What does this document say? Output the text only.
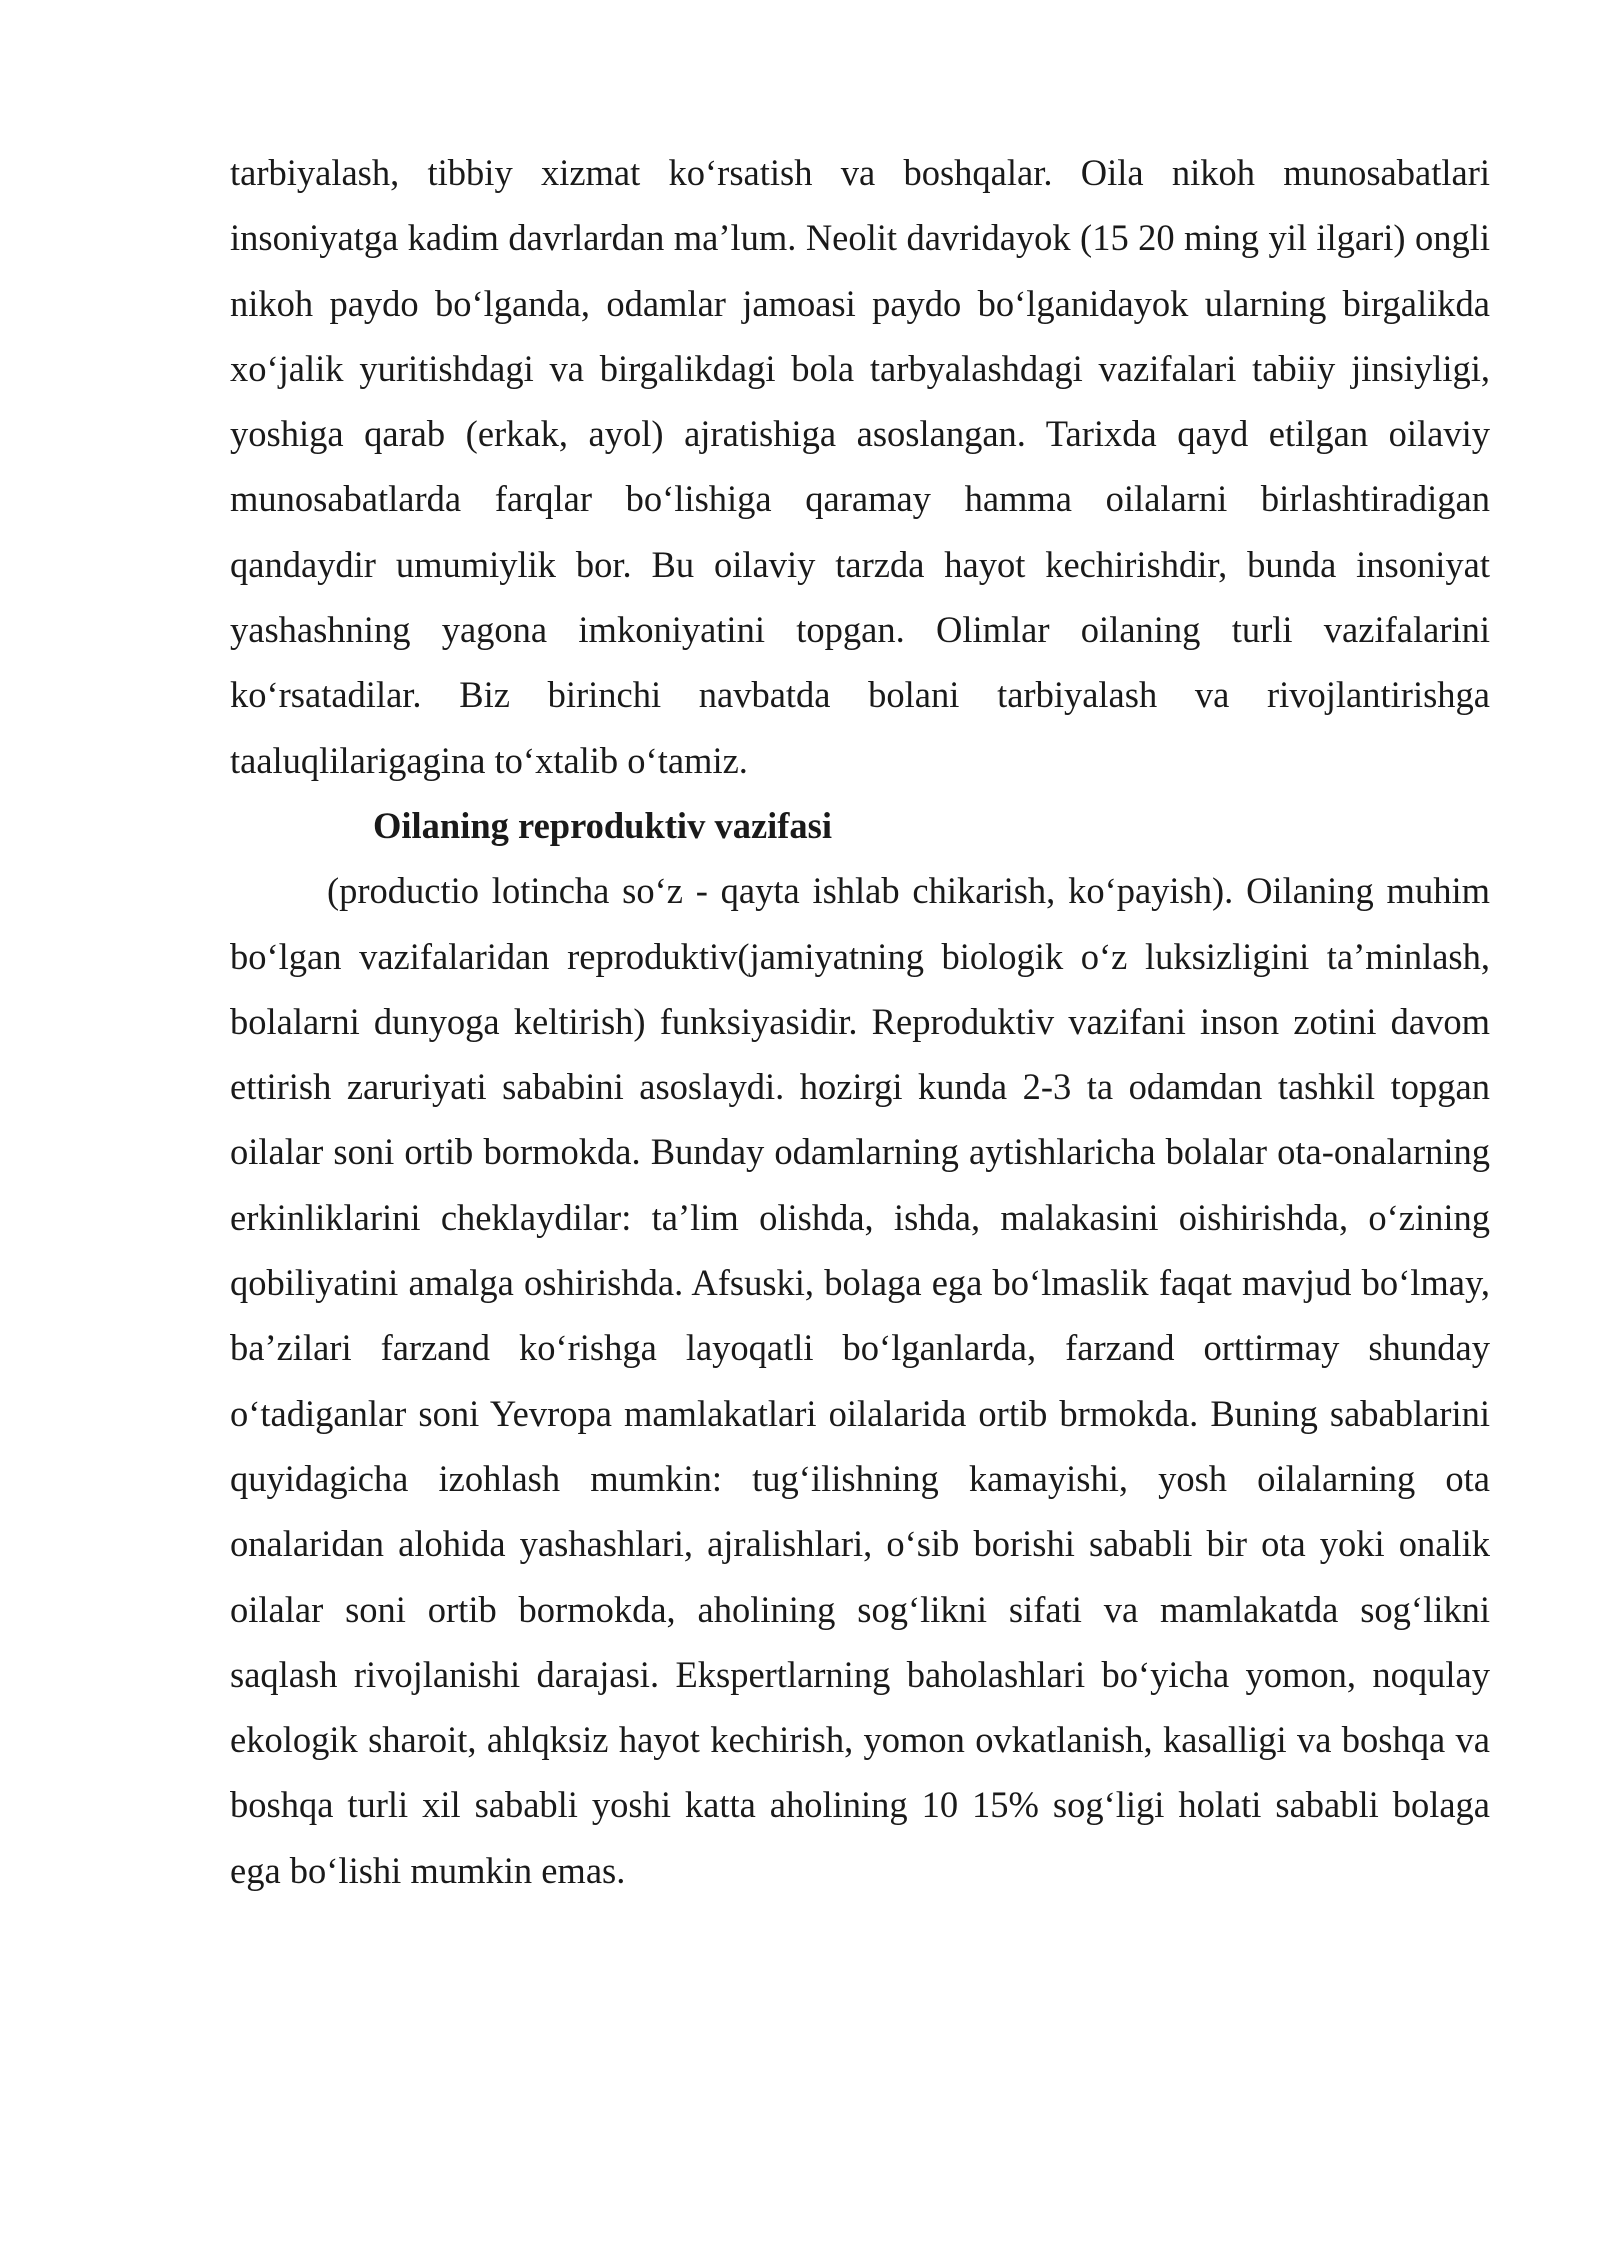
tarbiyalash, tibbiy xizmat ko‘rsatish va boshqalar. Oila nikoh munosabatlari insoniyatga kadim davrlardan ma’lum. Neolit davridayok (15 20 ming yil ilgari) ongli nikoh paydo bo‘lganda, odamlar jamoasi paydo bo‘lganidayok ularning birgalikda xo‘jalik yuritishdagi va birgalikdagi bola tarbyalashdagi vazifalari tabiiy jinsiyligi, yoshiga qarab (erkak, ayol) ajratishiga asoslangan. Tarixda qayd etilgan oilaviy munosabatlarda farqlar bo‘lishiga qaramay hamma oilalarni birlashtiradigan qandaydir umumiylik bor. Bu oilaviy tarzda hayot kechirishdir, bunda insoniyat yashashning yagona imkoniyatini topgan. Olimlar oilaning turli vazifalarini ko‘rsatadilar. Biz birinchi navbatda bolani tarbiyalash va rivojlantirishga taaluqlilarigagina to‘xtalib o‘tamiz.

Oilaning reproduktiv vazifasi

(productio lotincha so‘z - qayta ishlab chikarish, ko‘payish). Oilaning muhim bo‘lgan vazifalaridan reproduktiv(jamiyatning biologik o‘z luksizligini ta’minlash, bolalarni dunyoga keltirish) funksiyasidir. Reproduktiv vazifani inson zotini davom ettirish zaruriyati sababini asoslaydi. hozirgi kunda 2-3 ta odamdan tashkil topgan oilalar soni ortib bormokda. Bunday odamlarning aytishlaricha bolalar ota-onalarning erkinliklarini cheklaydilar: ta’lim olishda, ishda, malakasini oishirishda, o‘zining qobiliyatini amalga oshirishda. Afsuski, bolaga ega bo‘lmaslik faqat mavjud bo‘lmay, ba’zilari farzand ko‘rishga layoqatli bo‘lganlarda, farzand orttirmay shunday o‘tadiganlar soni Yevropa mamlakatlari oilalarida ortib brmokda. Buning sabablarini quyidagicha izohlash mumkin: tug‘ilishning kamayishi, yosh oilalarning ota onalaridan alohida yashashlari, ajralishlari, o‘sib borishi sababli bir ota yoki onalik oilalar soni ortib bormokda, aholining sog‘likni sifati va mamlakatda sog‘likni saqlash rivojlanishi darajasi. Ekspertlarning baholashlari bo‘yicha yomon, noqulay ekologik sharoit, ahlqksiz hayot kechirish, yomon ovkatlanish, kasalligi va boshqa va boshqa turli xil sababli yoshi katta aholining 10 15% sog‘ligi holati sababli bolaga ega bo‘lishi mumkin emas.
